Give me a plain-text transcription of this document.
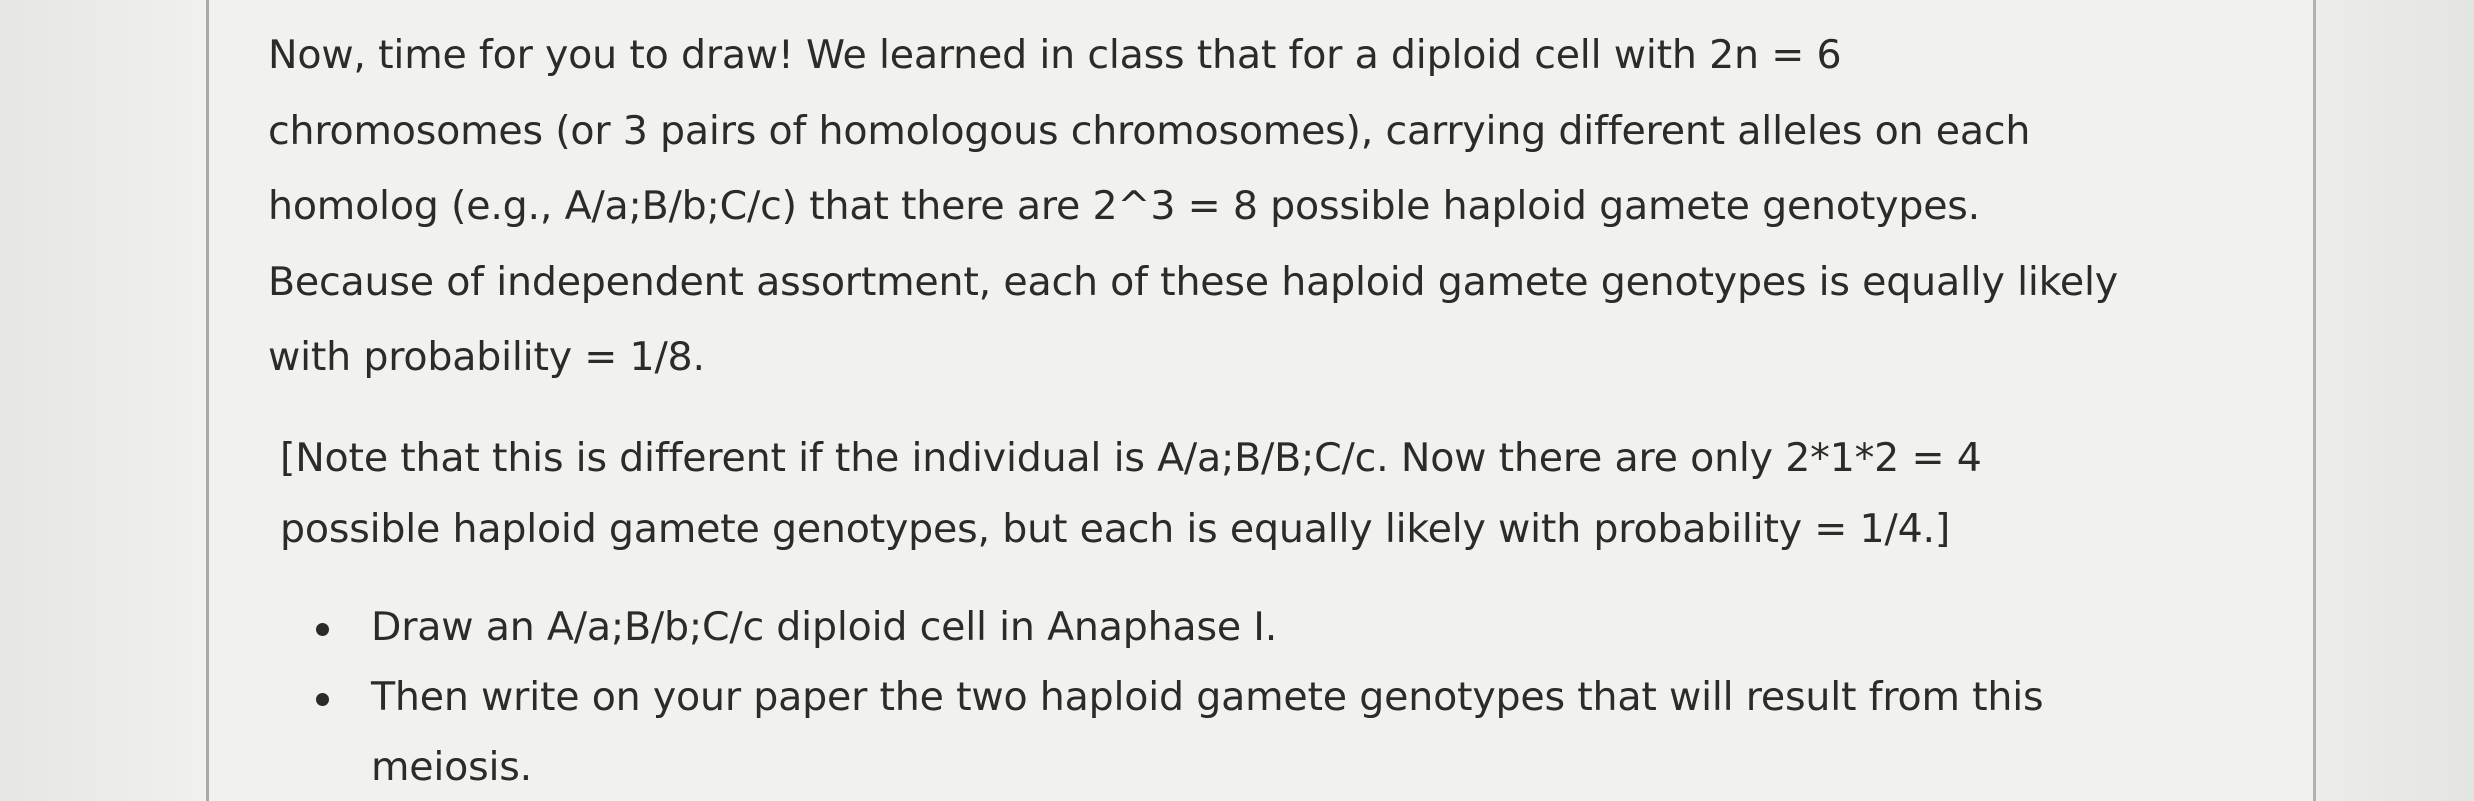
Now, time for you to draw! We learned in class that for a diploid cell with 2n = 6
chromosomes (or 3 pairs of homologous chromosomes), carrying different alleles on each
homolog (e.g., A/a;B/b;C/c) that there are 2^3 = 8 possible haploid gamete genotypes.
Because of independent assortment, each of these haploid gamete genotypes is equally likely
with probability = 1/8.

[Note that this is different if the individual is A/a;B/B;C/c. Now there are only 2*1*2 = 4
possible haploid gamete genotypes, but each is equally likely with probability = 1/4.]

Draw an A/a;B/b;C/c diploid cell in Anaphase I.
Then write on your paper the two haploid gamete genotypes that will result from this
meiosis.
